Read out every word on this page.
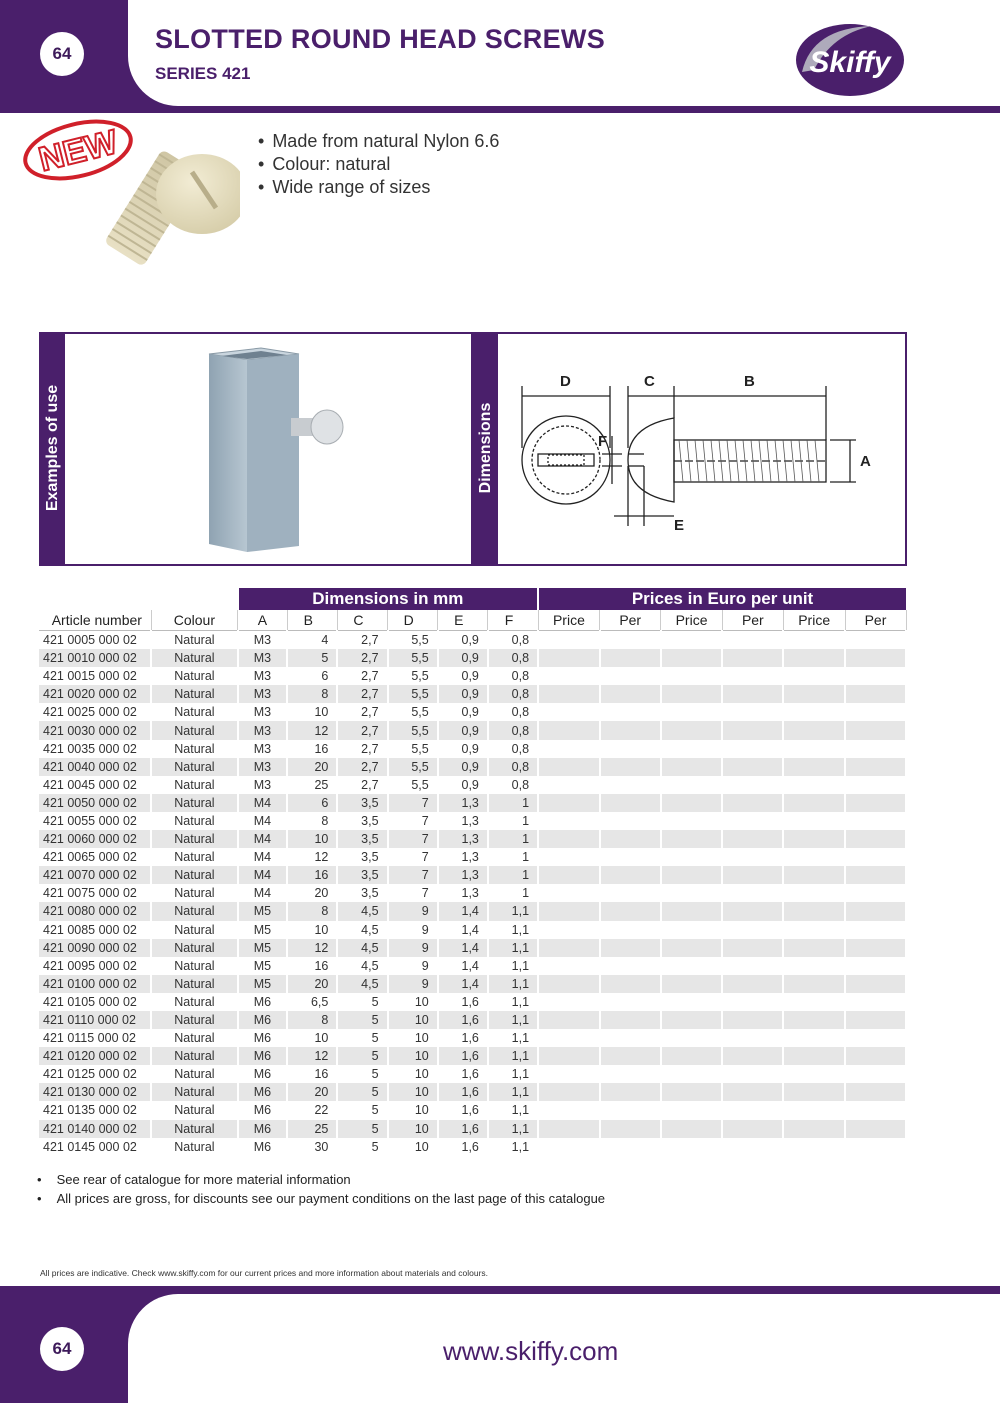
64	SLOTTED ROUND HEAD SCREWS
SERIES 421	Skiffy
NEW	• Made from natural Nylon 6.6
• Colour: natural
• Wide range of sizes
Examples of use	Dimensions
D	C	B
F
A
E
		Dimensions in mm						Prices in Euro per unit					
Article number	Colour	A	B	C	D	E	F	Price	Per	Price	Per	Price	Per
421 0005 000 02	Natural	M3	4	2,7	5,5	0,9	0,8						
421 0010 000 02	Natural	M3	5	2,7	5,5	0,9	0,8						
421 0015 000 02	Natural	M3	6	2,7	5,5	0,9	0,8						
421 0020 000 02	Natural	M3	8	2,7	5,5	0,9	0,8						
421 0025 000 02	Natural	M3	10	2,7	5,5	0,9	0,8						
421 0030 000 02	Natural	M3	12	2,7	5,5	0,9	0,8						
421 0035 000 02	Natural	M3	16	2,7	5,5	0,9	0,8						
421 0040 000 02	Natural	M3	20	2,7	5,5	0,9	0,8						
421 0045 000 02	Natural	M3	25	2,7	5,5	0,9	0,8						
421 0050 000 02	Natural	M4	6	3,5	7	1,3	1						
421 0055 000 02	Natural	M4	8	3,5	7	1,3	1						
421 0060 000 02	Natural	M4	10	3,5	7	1,3	1						
421 0065 000 02	Natural	M4	12	3,5	7	1,3	1						
421 0070 000 02	Natural	M4	16	3,5	7	1,3	1						
421 0075 000 02	Natural	M4	20	3,5	7	1,3	1						
421 0080 000 02	Natural	M5	8	4,5	9	1,4	1,1						
421 0085 000 02	Natural	M5	10	4,5	9	1,4	1,1						
421 0090 000 02	Natural	M5	12	4,5	9	1,4	1,1						
421 0095 000 02	Natural	M5	16	4,5	9	1,4	1,1						
421 0100 000 02	Natural	M5	20	4,5	9	1,4	1,1						
421 0105 000 02	Natural	M6	6,5	5	10	1,6	1,1						
421 0110 000 02	Natural	M6	8	5	10	1,6	1,1						
421 0115 000 02	Natural	M6	10	5	10	1,6	1,1						
421 0120 000 02	Natural	M6	12	5	10	1,6	1,1						
421 0125 000 02	Natural	M6	16	5	10	1,6	1,1						
421 0130 000 02	Natural	M6	20	5	10	1,6	1,1						
421 0135 000 02	Natural	M6	22	5	10	1,6	1,1						
421 0140 000 02	Natural	M6	25	5	10	1,6	1,1						
421 0145 000 02	Natural	M6	30	5	10	1,6	1,1						
• See rear of catalogue for more material information
• All prices are gross, for discounts see our payment conditions on the last page of this catalogue
All prices are indicative. Check www.skiffy.com for our current prices and more information about materials and colours.
64	www.skiffy.com
